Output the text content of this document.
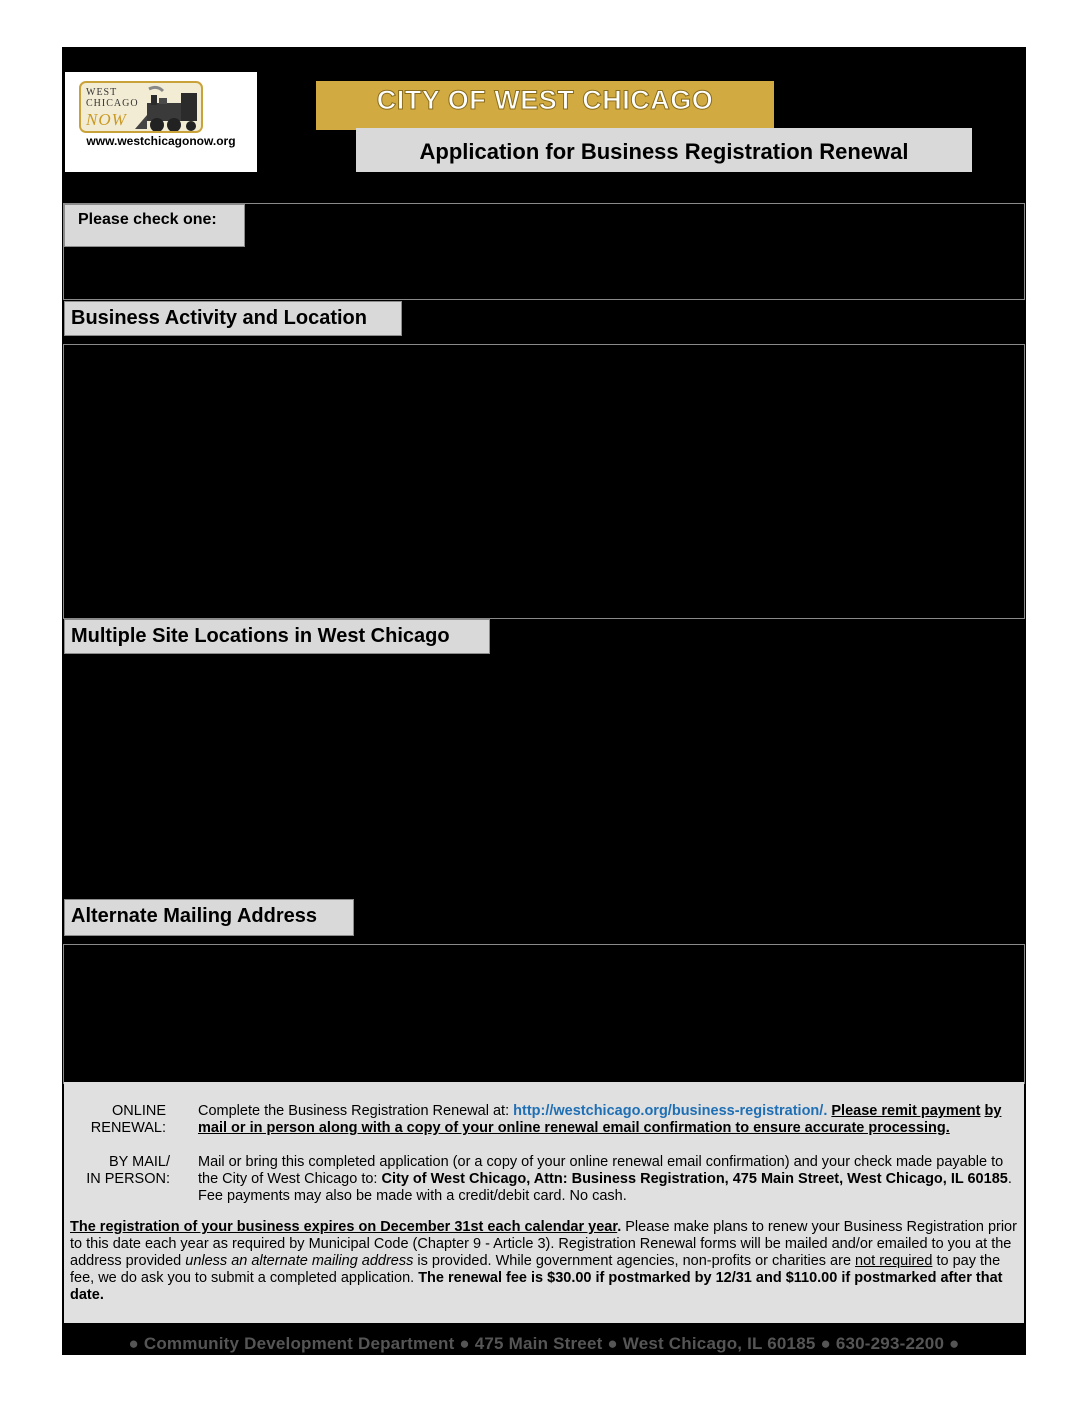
WEST
CHICAGO
NOW
www.westchicagonow.org
CITY OF WEST CHICAGO
Application for Business Registration Renewal
Please check one:
Business Activity and Location
Multiple Site Locations in West Chicago
Alternate Mailing Address
ONLINE
RENEWAL:
Complete the Business Registration Renewal at: http://westchicago.org/business-registration/. Please remit payment by mail or in person along with a copy of your online renewal email confirmation to ensure accurate processing.
BY MAIL/
IN PERSON:
Mail or bring this completed application (or a copy of your online renewal email confirmation) and your check made payable to the City of West Chicago to: City of West Chicago, Attn: Business Registration, 475 Main Street, West Chicago, IL 60185. Fee payments may also be made with a credit/debit card. No cash.
The registration of your business expires on December 31st each calendar year. Please make plans to renew your Business Registration prior to this date each year as required by Municipal Code (Chapter 9 - Article 3). Registration Renewal forms will be mailed and/or emailed to you at the address provided unless an alternate mailing address is provided. While government agencies, non-profits or charities are not required to pay the fee, we do ask you to submit a completed application. The renewal fee is $30.00 if postmarked by 12/31 and $110.00 if postmarked after that date.
● Community Development Department ● 475 Main Street ● West Chicago, IL 60185 ● 630-293-2200 ●
